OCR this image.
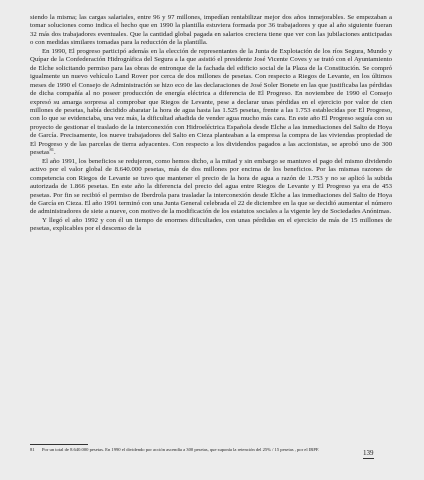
siendo la misma; las cargas salariales, entre 96 y 97 millones, impedían rentabilizar mejor dos años inmejorables. Se empezaban a tomar soluciones como indica el hecho que en 1990 la plantilla estuviera formada por 36 trabajadores y que al año siguiente fueran 32 más dos trabajadores eventuales. Que la cantidad global pagada en salarios creciera tiene que ver con las jubilaciones anticipadas o con medidas similares tomadas para la reducción de la plantilla.

En 1990, El progreso participó además en la elección de representantes de la Junta de Explotación de los ríos Segura, Mundo y Quípar de la Confederación Hidrográfica del Segura a la que asistió el presidente José Vicente Coves y se trató con el Ayuntamiento de Elche solicitando permiso para las obras de entronque de la fachada del edificio social de la Plaza de la Constitución. Se compró igualmente un nuevo vehículo Land Rover por cerca de dos millones de pesetas. Con respecto a Riegos de Levante, en los últimos meses de 1990 el Consejo de Administración se hizo eco de las declaraciones de José Soler Bonete en las que justificaba las pérdidas de dicha compañía al no poseer producción de energía eléctrica a diferencia de El Progreso. En noviembre de 1990 el Consejo expresó su amarga sorpresa al comprobar que Riegos de Levante, pese a declarar unas pérdidas en el ejercicio por valor de cien millones de pesetas, había decidido abaratar la hora de agua hasta las 1.525 pesetas, frente a las 1.753 establecidas por El Progreso, con lo que se evidenciaba, una vez más, la dificultad añadida de vender agua mucho más cara. En este año El Progreso seguía con su proyecto de gestionar el traslado de la interconexión con Hidroeléctrica Española desde Elche a las inmediaciones del Salto de Hoya de García. Precisamente, los nueve trabajadores del Salto en Cieza planteaban a la empresa la compra de las viviendas propiedad de El Progreso y de las parcelas de tierra adyacentes. Con respecto a los dividendos pagados a las accionistas, se aprobó uno de 300 pesetas$^{81}$.

El año 1991, los beneficios se redujeron, como hemos dicho, a la mitad y sin embargo se mantuvo el pago del mismo dividendo activo por el valor global de 8.640.000 pesetas, más de dos millones por encima de los beneficios. Por las mismas razones de competencia con Riegos de Levante se tuvo que mantener el precio de la hora de agua a razón de 1.753 y no se aplicó la subida autorizada de 1.866 pesetas. En este año la diferencia del precio del agua entre Riegos de Levante y El Progreso ya era de 453 pesetas. Por fin se recibió el permiso de Iberdrola para trasladar la interconexión desde Elche a las inmediaciones del Salto de Hoya de García en Cieza. El año 1991 terminó con una Junta General celebrada el 22 de diciembre en la que se decidió aumentar el número de administradores de siete a nueve, con motivo de la modificación de los estatutos sociales a la vigente ley de Sociedades Anónimas.

Y llegó el año 1992 y con él un tiempo de enormes dificultades, con unas pérdidas en el ejercicio de más de 15 millones de pesetas, explicables por el descenso de la

81 Por un total de 8.640.000 pesetas. En 1990 el dividendo por acción ascendía a 300 pesetas, que suponía la retención del 25% / 15 pesetas , por el IRPF.	139
